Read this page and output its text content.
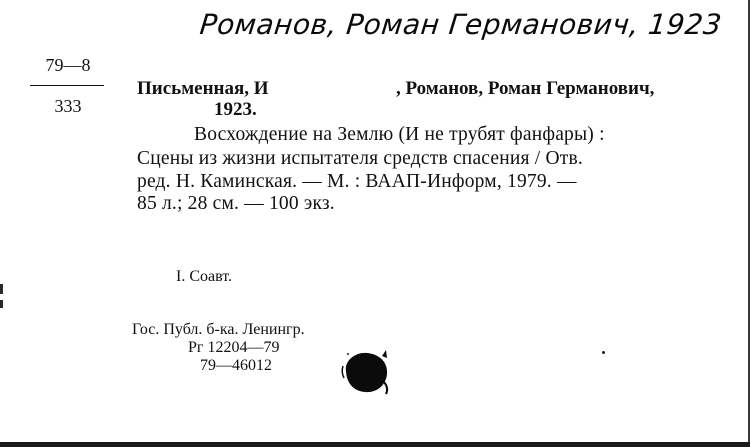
Романов, Роман Германович, 1923
79—8
333
Письменная, И	, Романов, Роман Германович,
1923.
Восхождение на Землю (И не трубят фанфары) :
Сцены из жизни испытателя средств спасения / Отв.
ред. Н. Каминская. — М. : ВААП-Информ, 1979. —
85 л.; 28 см. — 100 экз.
I. Соавт.
Гос. Публ. б-ка. Ленингр.
Рг 12204—79
79—46012
